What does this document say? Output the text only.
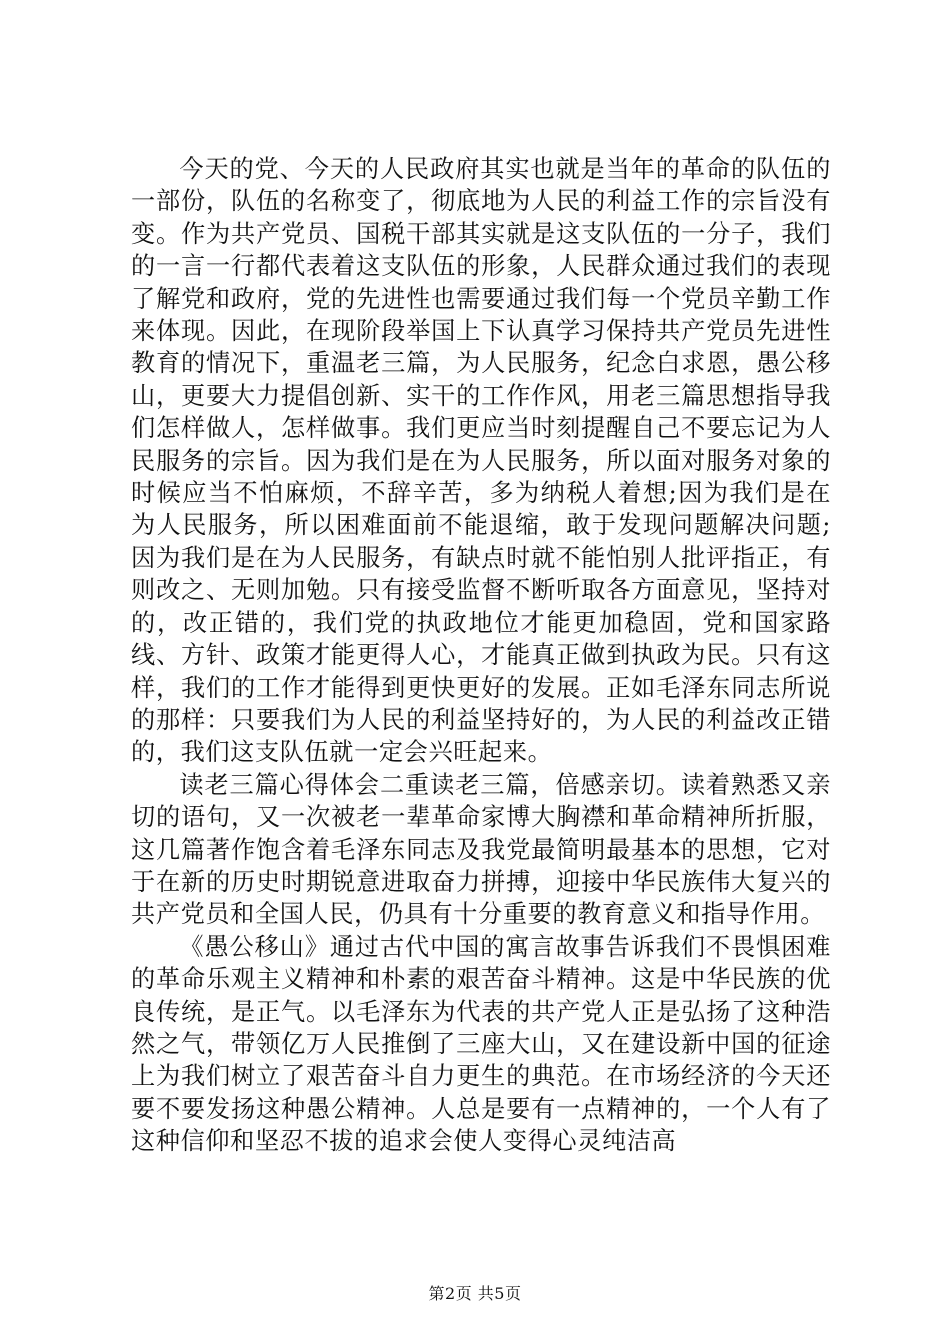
今天的党、今天的人民政府其实也就是当年的革命的队伍的一部份，队伍的名称变了，彻底地为人民的利益工作的宗旨没有变。作为共产党员、国税干部其实就是这支队伍的一分子，我们的一言一行都代表着这支队伍的形象，人民群众通过我们的表现了解党和政府，党的先进性也需要通过我们每一个党员辛勤工作来体现。因此，在现阶段举国上下认真学习保持共产党员先进性教育的情况下，重温老三篇，为人民服务，纪念白求恩，愚公移山，更要大力提倡创新、实干的工作作风，用老三篇思想指导我们怎样做人，怎样做事。我们更应当时刻提醒自己不要忘记为人民服务的宗旨。因为我们是在为人民服务，所以面对服务对象的时候应当不怕麻烦，不辞辛苦，多为纳税人着想;因为我们是在为人民服务，所以困难面前不能退缩，敢于发现问题解决问题;因为我们是在为人民服务，有缺点时就不能怕别人批评指正，有则改之、无则加勉。只有接受监督不断听取各方面意见，坚持对的，改正错的，我们党的执政地位才能更加稳固，党和国家路线、方针、政策才能更得人心，才能真正做到执政为民。只有这样，我们的工作才能得到更快更好的发展。正如毛泽东同志所说的那样：只要我们为人民的利益坚持好的，为人民的利益改正错的，我们这支队伍就一定会兴旺起来。

读老三篇心得体会二重读老三篇，倍感亲切。读着熟悉又亲切的语句，又一次被老一辈革命家博大胸襟和革命精神所折服，这几篇著作饱含着毛泽东同志及我党最简明最基本的思想，它对于在新的历史时期锐意进取奋力拼搏，迎接中华民族伟大复兴的共产党员和全国人民，仍具有十分重要的教育意义和指导作用。

《愚公移山》通过古代中国的寓言故事告诉我们不畏惧困难的革命乐观主义精神和朴素的艰苦奋斗精神。这是中华民族的优良传统，是正气。以毛泽东为代表的共产党人正是弘扬了这种浩然之气，带领亿万人民推倒了三座大山，又在建设新中国的征途上为我们树立了艰苦奋斗自力更生的典范。在市场经济的今天还要不要发扬这种愚公精神。人总是要有一点精神的，一个人有了这种信仰和坚忍不拔的追求会使人变得心灵纯洁高

第2页 共5页
